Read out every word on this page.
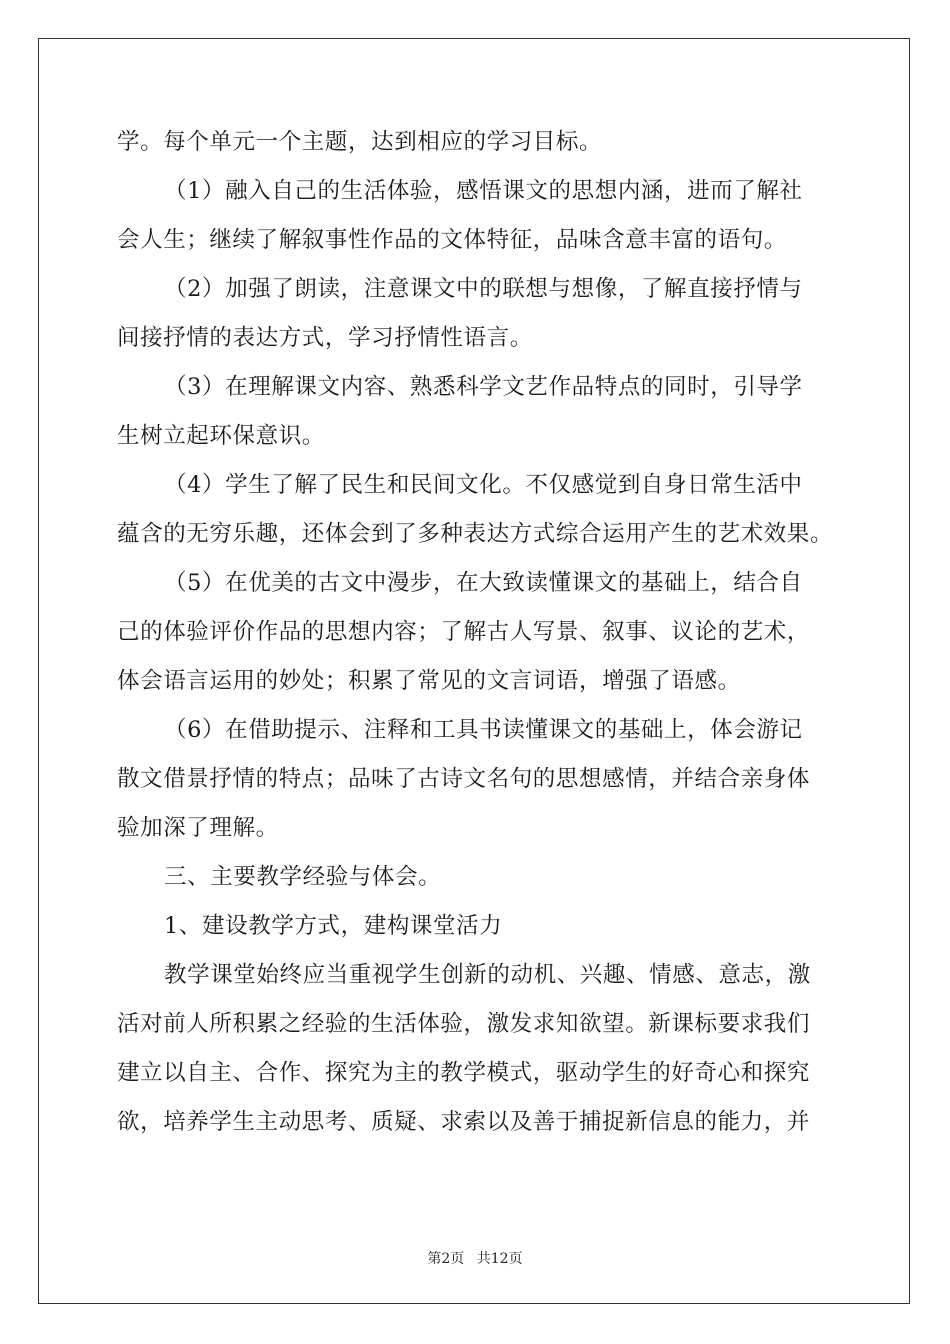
学。每个单元一个主题，达到相应的学习目标。
（1）融入自己的生活体验，感悟课文的思想内涵，进而了解社
会人生；继续了解叙事性作品的文体特征，品味含意丰富的语句。
（2）加强了朗读，注意课文中的联想与想像，了解直接抒情与
间接抒情的表达方式，学习抒情性语言。
（3）在理解课文内容、熟悉科学文艺作品特点的同时，引导学
生树立起环保意识。
（4）学生了解了民生和民间文化。不仅感觉到自身日常生活中
蕴含的无穷乐趣，还体会到了多种表达方式综合运用产生的艺术效果。
（5）在优美的古文中漫步，在大致读懂课文的基础上，结合自
己的体验评价作品的思想内容；了解古人写景、叙事、议论的艺术，
体会语言运用的妙处；积累了常见的文言词语，增强了语感。
（6）在借助提示、注释和工具书读懂课文的基础上，体会游记
散文借景抒情的特点；品味了古诗文名句的思想感情，并结合亲身体
验加深了理解。
三、主要教学经验与体会。
1、建设教学方式，建构课堂活力
教学课堂始终应当重视学生创新的动机、兴趣、情感、意志，激
活对前人所积累之经验的生活体验，激发求知欲望。新课标要求我们
建立以自主、合作、探究为主的教学模式，驱动学生的好奇心和探究
欲，培养学生主动思考、质疑、求索以及善于捕捉新信息的能力，并
第2页 共12页
